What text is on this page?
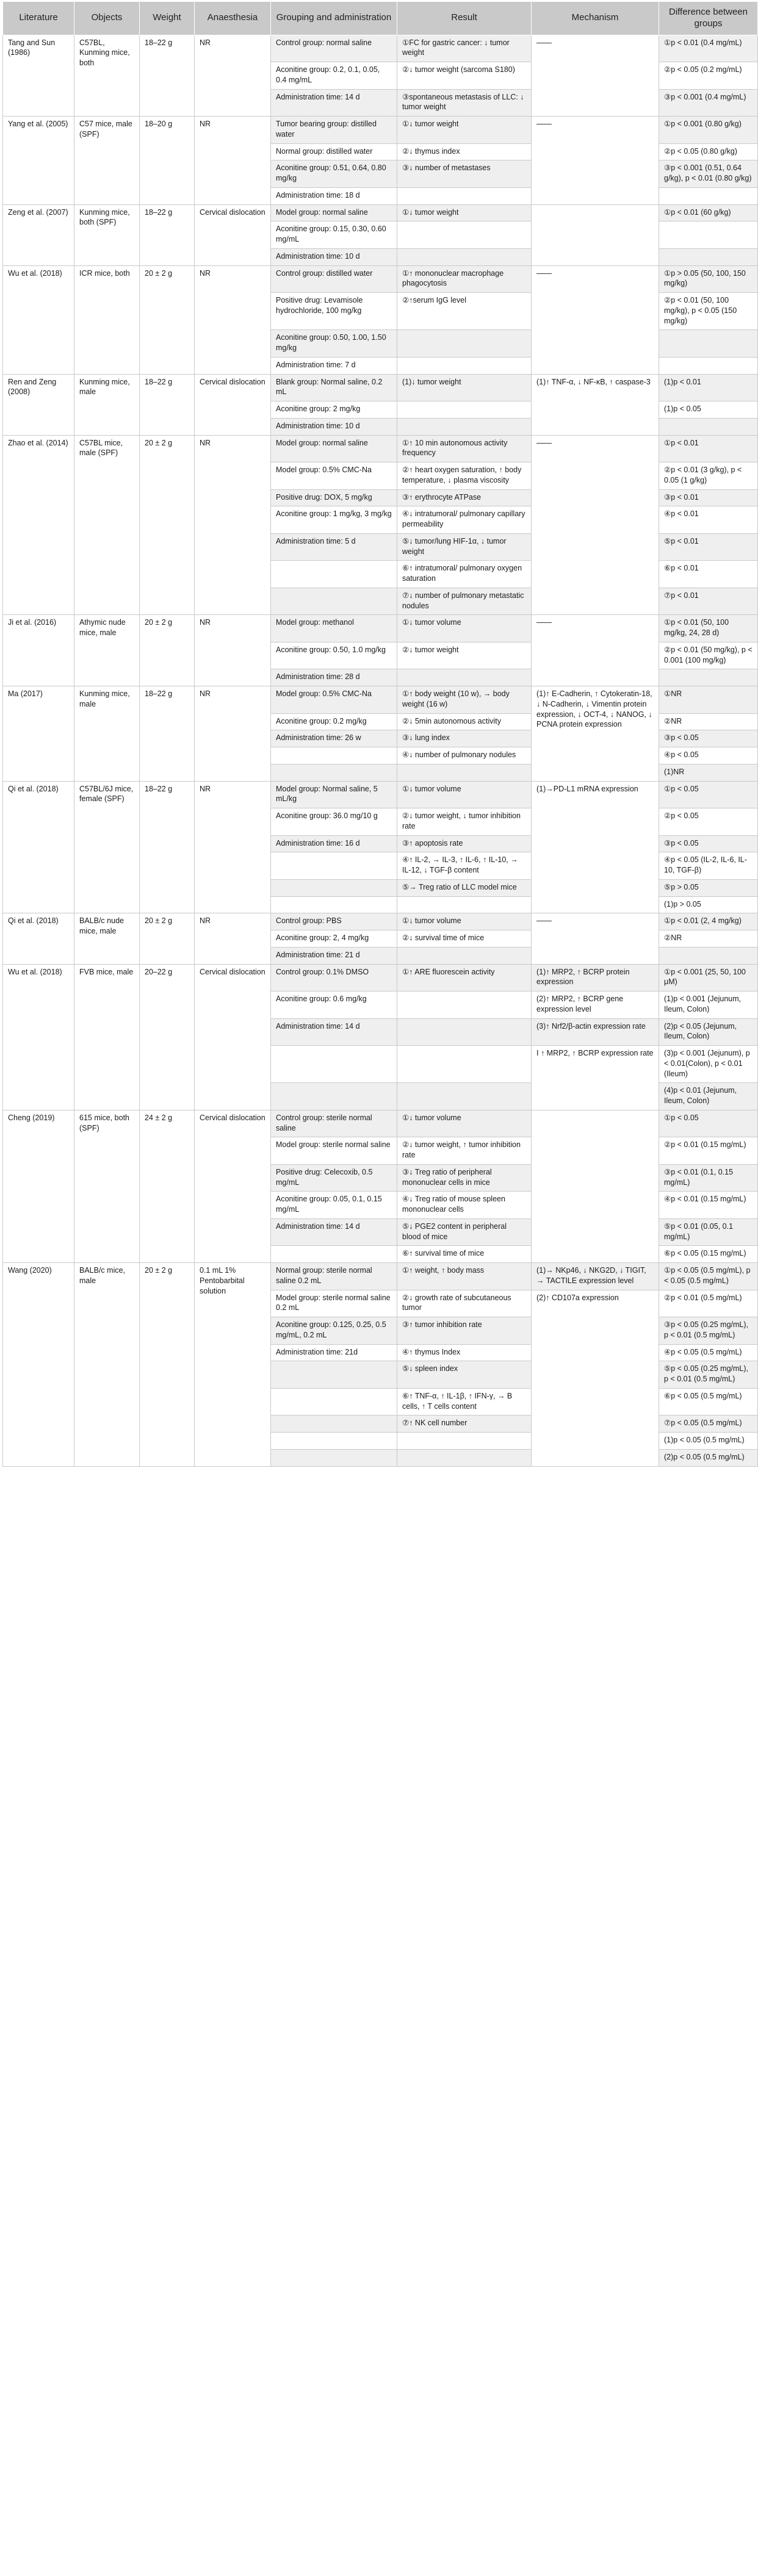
Literature	Objects	Weight	Anaesthesia	Grouping and administration	Result	Mechanism	Difference between groups
Tang and Sun (1986)	C57BL, Kunming mice, both	18–22 g	NR	Control group: normal saline	①FC for gastric cancer: ↓ tumor weight	——	①p < 0.01 (0.4 mg/mL)
				Aconitine group: 0.2, 0.1, 0.05, 0.4 mg/mL	②↓ tumor weight (sarcoma S180)		②p < 0.05 (0.2 mg/mL)
				Administration time: 14 d	③spontaneous metastasis of LLC: ↓ tumor weight		③p < 0.001 (0.4 mg/mL)
Yang et al. (2005)	C57 mice, male (SPF)	18–20 g	NR	Tumor bearing group: distilled water	①↓ tumor weight	——	①p < 0.001 (0.80 g/kg)
				Normal group: distilled water	②↓ thymus index		②p < 0.05 (0.80 g/kg)
				Aconitine group: 0.51, 0.64, 0.80 mg/kg	③↓ number of metastases		③p < 0.001 (0.51, 0.64 g/kg), p < 0.01 (0.80 g/kg)
				Administration time: 18 d			
Zeng et al. (2007)	Kunming mice, both (SPF)	18–22 g	Cervical dislocation	Model group: normal saline	①↓ tumor weight		①p < 0.01 (60 g/kg)
				Aconitine group: 0.15, 0.30, 0.60 mg/mL			
				Administration time: 10 d			
Wu et al. (2018)	ICR mice, both	20 ± 2 g	NR	Control group: distilled water	①↑ mononuclear macrophage phagocytosis	——	①p > 0.05 (50, 100, 150 mg/kg)
				Positive drug: Levamisole hydrochloride, 100 mg/kg	②↑serum IgG level		②p < 0.01 (50, 100 mg/kg), p < 0.05 (150 mg/kg)
				Aconitine group: 0.50, 1.00, 1.50 mg/kg			
				Administration time: 7 d			
Ren and Zeng (2008)	Kunming mice, male	18–22 g	Cervical dislocation	Blank group: Normal saline, 0.2 mL	(1)↓ tumor weight	(1)↑ TNF-α, ↓ NF-κB, ↑ caspase-3	(1)p < 0.01
				Aconitine group: 2 mg/kg			(1)p < 0.05
				Administration time: 10 d			
Zhao et al. (2014)	C57BL mice, male (SPF)	20 ± 2 g	NR	Model group: normal saline	①↑ 10 min autonomous activity frequency	——	①p < 0.01
				Model group: 0.5% CMC-Na	②↑ heart oxygen saturation, ↑ body temperature, ↓ plasma viscosity		②p < 0.01 (3 g/kg), p < 0.05 (1 g/kg)
				Positive drug: DOX, 5 mg/kg	③↑ erythrocyte ATPase		③p < 0.01
				Aconitine group: 1 mg/kg, 3 mg/kg	④↓ intratumoral/ pulmonary capillary permeability		④p < 0.01
				Administration time: 5 d	⑤↓ tumor/lung HIF-1α, ↓ tumor weight		⑤p < 0.01
					⑥↑ intratumoral/ pulmonary oxygen saturation		⑥p < 0.01
					⑦↓ number of pulmonary metastatic nodules		⑦p < 0.01
Ji et al. (2016)	Athymic nude mice, male	20 ± 2 g	NR	Model group: methanol	①↓ tumor volume	——	①p < 0.01 (50, 100 mg/kg, 24, 28 d)
				Aconitine group: 0.50, 1.0 mg/kg	②↓ tumor weight		②p < 0.01 (50 mg/kg), p < 0.001 (100 mg/kg)
				Administration time: 28 d			
Ma (2017)	Kunming mice, male	18–22 g	NR	Model group: 0.5% CMC-Na	①↑ body weight (10 w), → body weight (16 w)	(1)↑ E-Cadherin, ↑ Cytokeratin-18, ↓ N-Cadherin, ↓ Vimentin protein expression, ↓ OCT-4, ↓ NANOG, ↓ PCNA protein expression	①NR
				Aconitine group: 0.2 mg/kg	②↓ 5min autonomous activity		②NR
				Administration time: 26 w	③↓ lung index		③p < 0.05
					④↓ number of pulmonary nodules		④p < 0.05
							(1)NR
Qi et al. (2018)	C57BL/6J mice, female (SPF)	18–22 g	NR	Model group: Normal saline, 5 mL/kg	①↓ tumor volume	(1)→PD-L1 mRNA expression	①p < 0.05
				Aconitine group: 36.0 mg/10 g	②↓ tumor weight, ↓ tumor inhibition rate		②p < 0.05
				Administration time: 16 d	③↑ apoptosis rate		③p < 0.05
					④↑ IL-2, → IL-3, ↑ IL-6, ↑ IL-10, → IL-12, ↓ TGF-β content		④p < 0.05 (IL-2, IL-6, IL-10, TGF-β)
					⑤→ Treg ratio of LLC model mice		⑤p > 0.05
							(1)p > 0.05
Qi et al. (2018)	BALB/c nude mice, male	20 ± 2 g	NR	Control group: PBS	①↓ tumor volume	——	①p < 0.01 (2, 4 mg/kg)
				Aconitine group: 2, 4 mg/kg	②↓ survival time of mice		②NR
				Administration time: 21 d			
Wu et al. (2018)	FVB mice, male	20–22 g	Cervical dislocation	Control group: 0.1% DMSO	①↑ ARE fluorescein activity	(1)↑ MRP2, ↑ BCRP protein expression	①p < 0.001 (25, 50, 100 μM)
				Aconitine group: 0.6 mg/kg		(2)↑ MRP2, ↑ BCRP gene expression level	(1)p < 0.001 (Jejunum, Ileum, Colon)
				Administration time: 14 d		(3)↑ Nrf2/β-actin expression rate	(2)p < 0.05 (Jejunum, Ileum, Colon)
						I ↑ MRP2, ↑ BCRP expression rate	(3)p < 0.001 (Jejunum), p < 0.01(Colon), p < 0.01 (Ileum)
							(4)p < 0.01 (Jejunum, Ileum, Colon)
Cheng (2019)	615 mice, both (SPF)	24 ± 2 g	Cervical dislocation	Control group: sterile normal saline	①↓ tumor volume		①p < 0.05
				Model group: sterile normal saline	②↓ tumor weight, ↑ tumor inhibition rate		②p < 0.01 (0.15 mg/mL)
				Positive drug: Celecoxib, 0.5 mg/mL	③↓ Treg ratio of peripheral mononuclear cells in mice		③p < 0.01 (0.1, 0.15 mg/mL)
				Aconitine group: 0.05, 0.1, 0.15 mg/mL	④↓ Treg ratio of mouse spleen mononuclear cells		④p < 0.01 (0.15 mg/mL)
				Administration time: 14 d	⑤↓ PGE2 content in peripheral blood of mice		⑤p < 0.01 (0.05, 0.1 mg/mL)
					⑥↑ survival time of mice		⑥p < 0.05 (0.15 mg/mL)
Wang (2020)	BALB/c mice, male	20 ± 2 g	0.1 mL 1% Pentobarbital solution	Normal group: sterile normal saline 0.2 mL	①↑ weight, ↑ body mass	(1)→ NKp46, ↓ NKG2D, ↓ TIGIT, → TACTILE expression level	①p < 0.05 (0.5 mg/mL), p < 0.05 (0.5 mg/mL)
				Model group: sterile normal saline 0.2 mL	②↓ growth rate of subcutaneous tumor	(2)↑ CD107a expression	②p < 0.01 (0.5 mg/mL)
				Aconitine group: 0.125, 0.25, 0.5 mg/mL, 0.2 mL	③↑ tumor inhibition rate		③p < 0.05 (0.25 mg/mL), p < 0.01 (0.5 mg/mL)
				Administration time: 21d	④↑ thymus Index		④p < 0.05 (0.5 mg/mL)
					⑤↓ spleen index		⑤p < 0.05 (0.25 mg/mL), p < 0.01 (0.5 mg/mL)
					⑥↑ TNF-α, ↑ IL-1β, ↑ IFN-γ, → B cells, ↑ T cells content		⑥p < 0.05 (0.5 mg/mL)
					⑦↑ NK cell number		⑦p < 0.05 (0.5 mg/mL)
							(1)p < 0.05 (0.5 mg/mL)
							(2)p < 0.05 (0.5 mg/mL)
